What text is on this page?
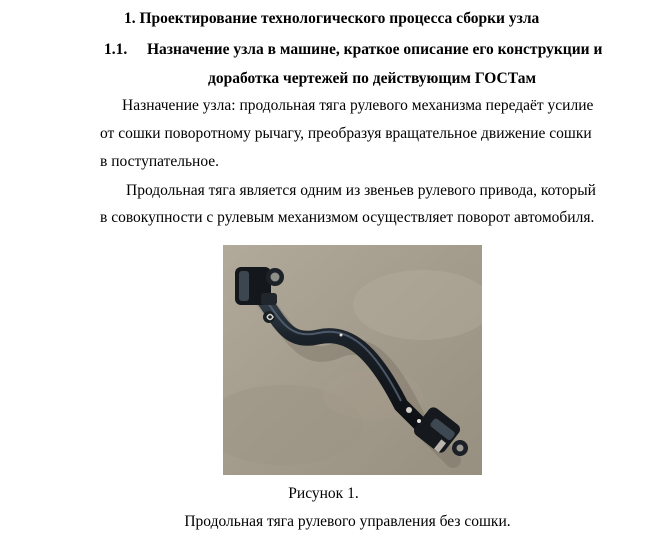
1. Проектирование технологического процесса сборки узла
1.1. Назначение узла в машине, краткое описание его конструкции и
доработка чертежей по действующим ГОСТам
Назначение узла: продольная тяга рулевого механизма передаёт усилие
от сошки поворотному рычагу, преобразуя вращательное движение сошки
в поступательное.
Продольная тяга является одним из звеньев рулевого привода, который
в совокупности с рулевым механизмом осуществляет поворот автомобиля.
Рисунок 1.
Продольная тяга рулевого управления без сошки.
